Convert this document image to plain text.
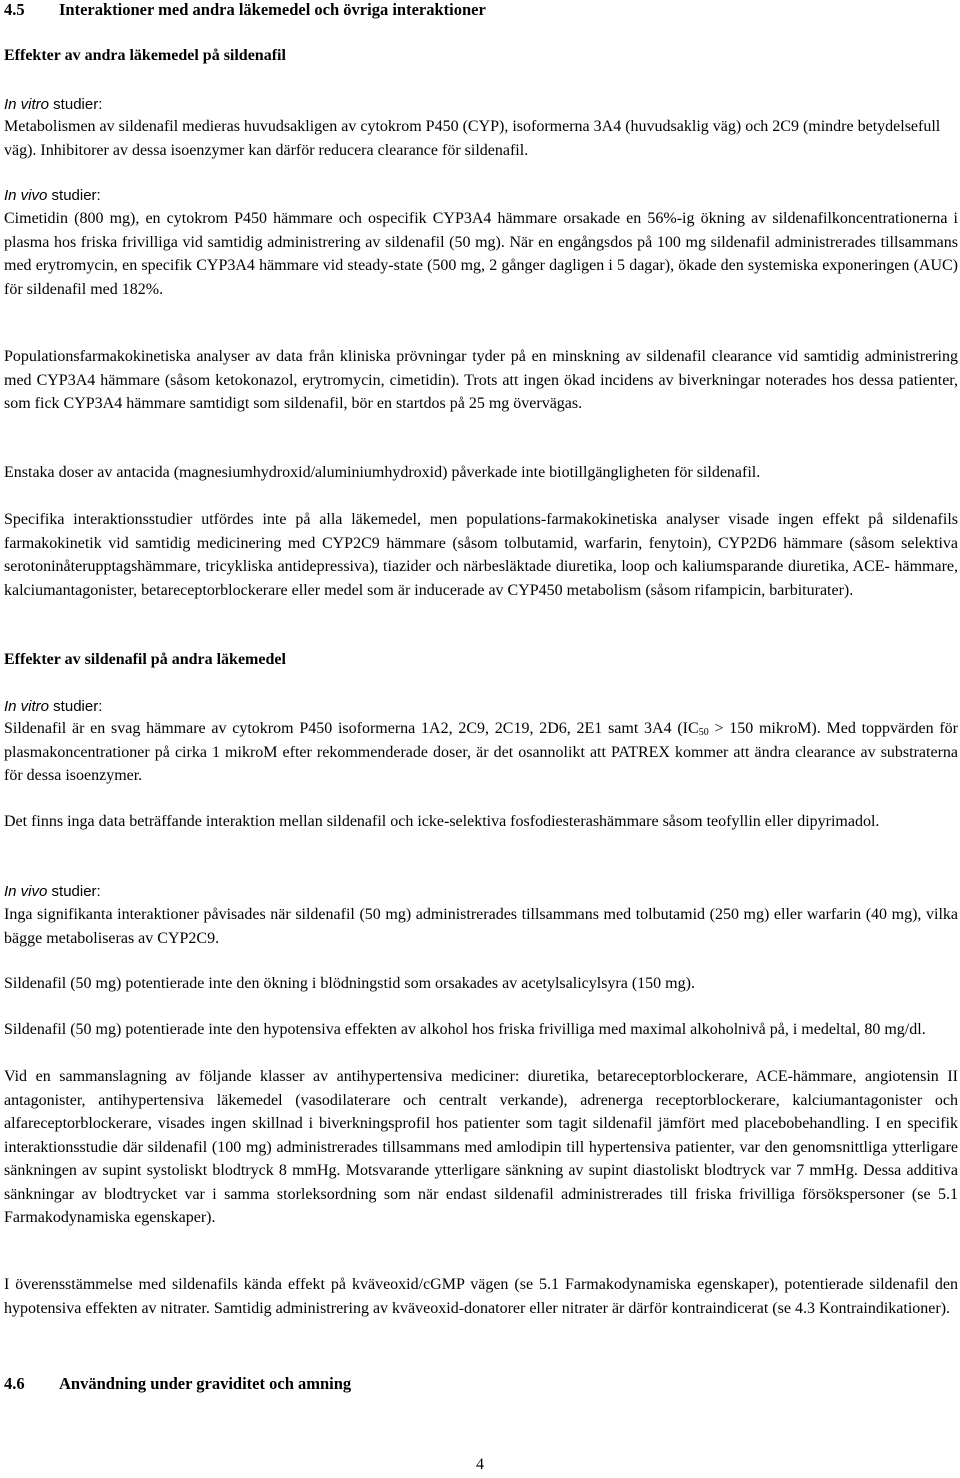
4.5 Interaktioner med andra läkemedel och övriga interaktioner
Effekter av andra läkemedel på sildenafil
In vitro studier:
Metabolismen av sildenafil medieras huvudsakligen av cytokrom P450 (CYP), isoformerna 3A4 (huvudsaklig väg) och 2C9 (mindre betydelsefull väg). Inhibitorer av dessa isoenzymer kan därför reducera clearance för sildenafil.
In vivo studier:
Cimetidin (800 mg), en cytokrom P450 hämmare och ospecifik CYP3A4 hämmare orsakade en 56%-ig ökning av sildenafilkoncentrationerna i plasma hos friska frivilliga vid samtidig administrering av sildenafil (50 mg). När en engångsdos på 100 mg sildenafil administrerades tillsammans med erytromycin, en specifik CYP3A4 hämmare vid steady-state (500 mg, 2 gånger dagligen i 5 dagar), ökade den systemiska exponeringen (AUC) för sildenafil med 182%.
Populationsfarmakokinetiska analyser av data från kliniska prövningar tyder på en minskning av sildenafil clearance vid samtidig administrering med CYP3A4 hämmare (såsom ketokonazol, erytromycin, cimetidin). Trots att ingen ökad incidens av biverkningar noterades hos dessa patienter, som fick CYP3A4 hämmare samtidigt som sildenafil, bör en startdos på 25 mg övervägas.
Enstaka doser av antacida (magnesiumhydroxid/aluminiumhydroxid) påverkade inte biotillgängligheten för sildenafil.
Specifika interaktionsstudier utfördes inte på alla läkemedel, men populations-farmakokinetiska analyser visade ingen effekt på sildenafils farmakokinetik vid samtidig medicinering med CYP2C9 hämmare (såsom tolbutamid, warfarin, fenytoin), CYP2D6 hämmare (såsom selektiva serotoninåterupptagshämmare, tricykliska antidepressiva), tiazider och närbesläktade diuretika, loop och kaliumsparande diuretika, ACE- hämmare, kalciumantagonister, betareceptorblockerare eller medel som är inducerade av CYP450 metabolism (såsom rifampicin, barbiturater).
Effekter av sildenafil på andra läkemedel
In vitro studier:
Sildenafil är en svag hämmare av cytokrom P450 isoformerna 1A2, 2C9, 2C19, 2D6, 2E1 samt 3A4 ($IC_{50} > 150$ mikroM). Med toppvärden för plasmakoncentrationer på cirka 1 mikroM efter rekommenderade doser, är det osannolikt att PATREX kommer att ändra clearance av substraterna för dessa isoenzymer.
Det finns inga data beträffande interaktion mellan sildenafil och icke-selektiva fosfodiesterashämmare såsom teofyllin eller dipyrimadol.
In vivo studier:
Inga signifikanta interaktioner påvisades när sildenafil (50 mg) administrerades tillsammans med tolbutamid (250 mg) eller warfarin (40 mg), vilka bägge metaboliseras av CYP2C9.
Sildenafil (50 mg) potentierade inte den ökning i blödningstid som orsakades av acetylsalicylsyra (150 mg).
Sildenafil (50 mg) potentierade inte den hypotensiva effekten av alkohol hos friska frivilliga med maximal alkoholnivå på, i medeltal, 80 mg/dl.
Vid en sammanslagning av följande klasser av antihypertensiva mediciner: diuretika, betareceptorblockerare, ACE-hämmare, angiotensin II antagonister, antihypertensiva läkemedel (vasodilaterare och centralt verkande), adrenerga receptorblockerare, kalciumantagonister och alfareceptorblockerare, visades ingen skillnad i biverkningsprofil hos patienter som tagit sildenafil jämfört med placebobehandling. I en specifik interaktionsstudie där sildenafil (100 mg) administrerades tillsammans med amlodipin till hypertensiva patienter, var den genomsnittliga ytterligare sänkningen av supint systoliskt blodtryck 8 mmHg. Motsvarande ytterligare sänkning av supint diastoliskt blodtryck var 7 mmHg. Dessa additiva sänkningar av blodtrycket var i samma storleksordning som när endast sildenafil administrerades till friska frivilliga försökspersoner (se 5.1 Farmakodynamiska egenskaper).
I överensstämmelse med sildenafils kända effekt på kväveoxid/cGMP vägen (se 5.1 Farmakodynamiska egenskaper), potentierade sildenafil den hypotensiva effekten av nitrater. Samtidig administrering av kväveoxid-donatorer eller nitrater är därför kontraindicerat (se 4.3 Kontraindikationer).
4.6 Användning under graviditet och amning
4
